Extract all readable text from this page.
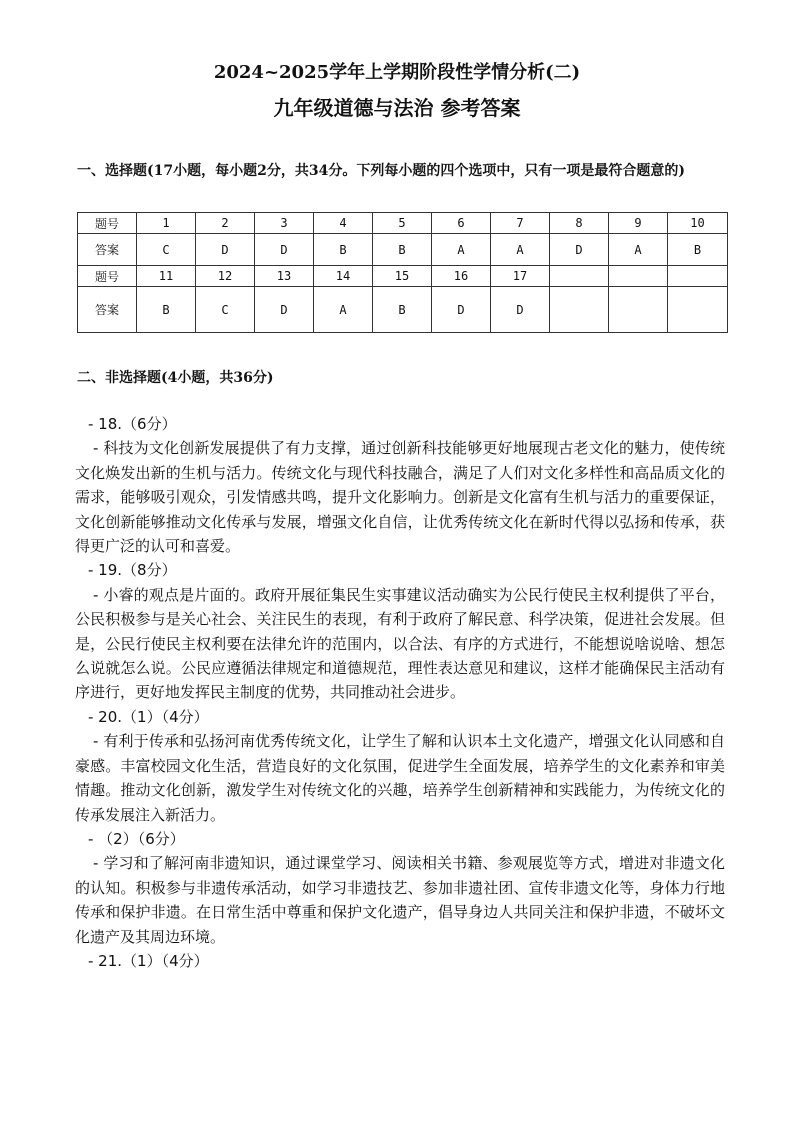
2024~2025学年上学期阶段性学情分析(二)
九年级道德与法治 参考答案
一、选择题(17小题，每小题2分，共34分。下列每小题的四个选项中，只有一项是最符合题意的)
题号	1	2	3	4	5	6	7	8	9	10
答案	C	D	D	B	B	A	A	D	A	B
题号	11	12	13	14	15	16	17			
答案	B	C	D	A	B	D	D			
二、非选择题(4小题，共36分)
- 18.（6分）
- 科技为文化创新发展提供了有力支撑，通过创新科技能够更好地展现古老文化的魅力，使传统文化焕发出新的生机与活力。传统文化与现代科技融合，满足了人们对文化多样性和高品质文化的需求，能够吸引观众，引发情感共鸣，提升文化影响力。创新是文化富有生机与活力的重要保证，文化创新能够推动文化传承与发展，增强文化自信，让优秀传统文化在新时代得以弘扬和传承，获得更广泛的认可和喜爱。
- 19.（8分）
- 小睿的观点是片面的。政府开展征集民生实事建议活动确实为公民行使民主权利提供了平台，公民积极参与是关心社会、关注民生的表现，有利于政府了解民意、科学决策，促进社会发展。但是，公民行使民主权利要在法律允许的范围内，以合法、有序的方式进行，不能想说啥说啥、想怎么说就怎么说。公民应遵循法律规定和道德规范，理性表达意见和建议，这样才能确保民主活动有序进行，更好地发挥民主制度的优势，共同推动社会进步。
- 20.（1）（4分）
- 有利于传承和弘扬河南优秀传统文化，让学生了解和认识本土文化遗产，增强文化认同感和自豪感。丰富校园文化生活，营造良好的文化氛围，促进学生全面发展，培养学生的文化素养和审美情趣。推动文化创新，激发学生对传统文化的兴趣，培养学生创新精神和实践能力，为传统文化的传承发展注入新活力。
- （2）（6分）
- 学习和了解河南非遗知识，通过课堂学习、阅读相关书籍、参观展览等方式，增进对非遗文化的认知。积极参与非遗传承活动，如学习非遗技艺、参加非遗社团、宣传非遗文化等，身体力行地传承和保护非遗。在日常生活中尊重和保护文化遗产，倡导身边人共同关注和保护非遗，不破坏文化遗产及其周边环境。
- 21.（1）（4分）
